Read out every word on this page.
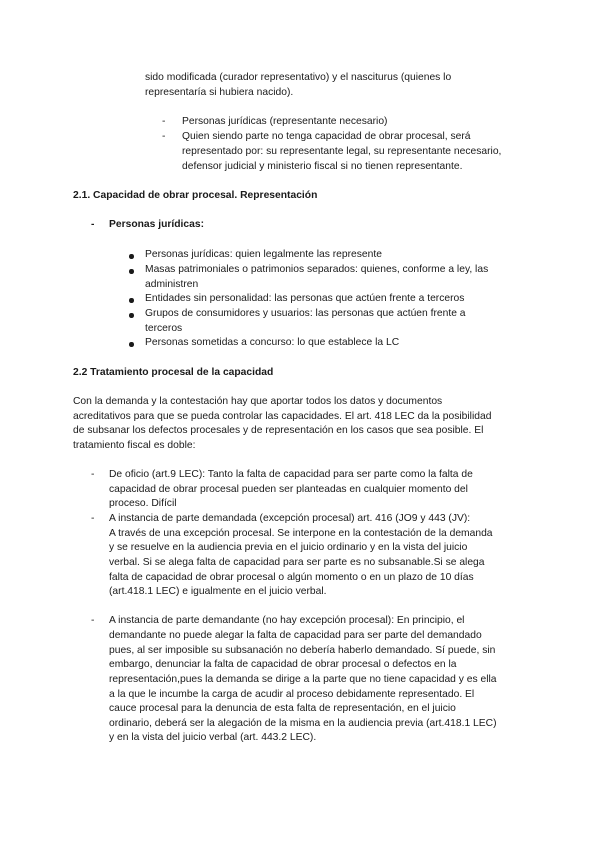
sido modificada (curador representativo) y el nasciturus (quienes lo
representaría si hubiera nacido).
- Personas jurídicas (representante necesario)
- Quien siendo parte no tenga capacidad de obrar procesal, será
representado por: su representante legal, su representante necesario,
defensor judicial y ministerio fiscal si no tienen representante.
2.1. Capacidad de obrar procesal. Representación
- Personas jurídicas:
Personas jurídicas: quien legalmente las represente
Masas patrimoniales o patrimonios separados: quienes, conforme a ley, las
administren
Entidades sin personalidad: las personas que actúen frente a terceros
Grupos de consumidores y usuarios: las personas que actúen frente a
terceros
Personas sometidas a concurso: lo que establece la LC
2.2 Tratamiento procesal de la capacidad
Con la demanda y la contestación hay que aportar todos los datos y documentos
acreditativos para que se pueda controlar las capacidades. El art. 418 LEC da la posibilidad
de subsanar los defectos procesales y de representación en los casos que sea posible. El
tratamiento fiscal es doble:
- De oficio (art.9 LEC): Tanto la falta de capacidad para ser parte como la falta de
capacidad de obrar procesal pueden ser planteadas en cualquier momento del
proceso. Difícil
- A instancia de parte demandada (excepción procesal) art. 416 (JO9 y 443 (JV):
A través de una excepción procesal. Se interpone en la contestación de la demanda
y se resuelve en la audiencia previa en el juicio ordinario y en la vista del juicio
verbal. Si se alega falta de capacidad para ser parte es no subsanable.Si se alega
falta de capacidad de obrar procesal o algún momento o en un plazo de 10 días
(art.418.1 LEC) e igualmente en el juicio verbal.
- A instancia de parte demandante (no hay excepción procesal): En principio, el
demandante no puede alegar la falta de capacidad para ser parte del demandado
pues, al ser imposible su subsanación no debería haberlo demandado. Sí puede, sin
embargo, denunciar la falta de capacidad de obrar procesal o defectos en la
representación,pues la demanda se dirige a la parte que no tiene capacidad y es ella
a la que le incumbe la carga de acudir al proceso debidamente representado. El
cauce procesal para la denuncia de esta falta de representación, en el juicio
ordinario, deberá ser la alegación de la misma en la audiencia previa (art.418.1 LEC)
y en la vista del juicio verbal (art. 443.2 LEC).
